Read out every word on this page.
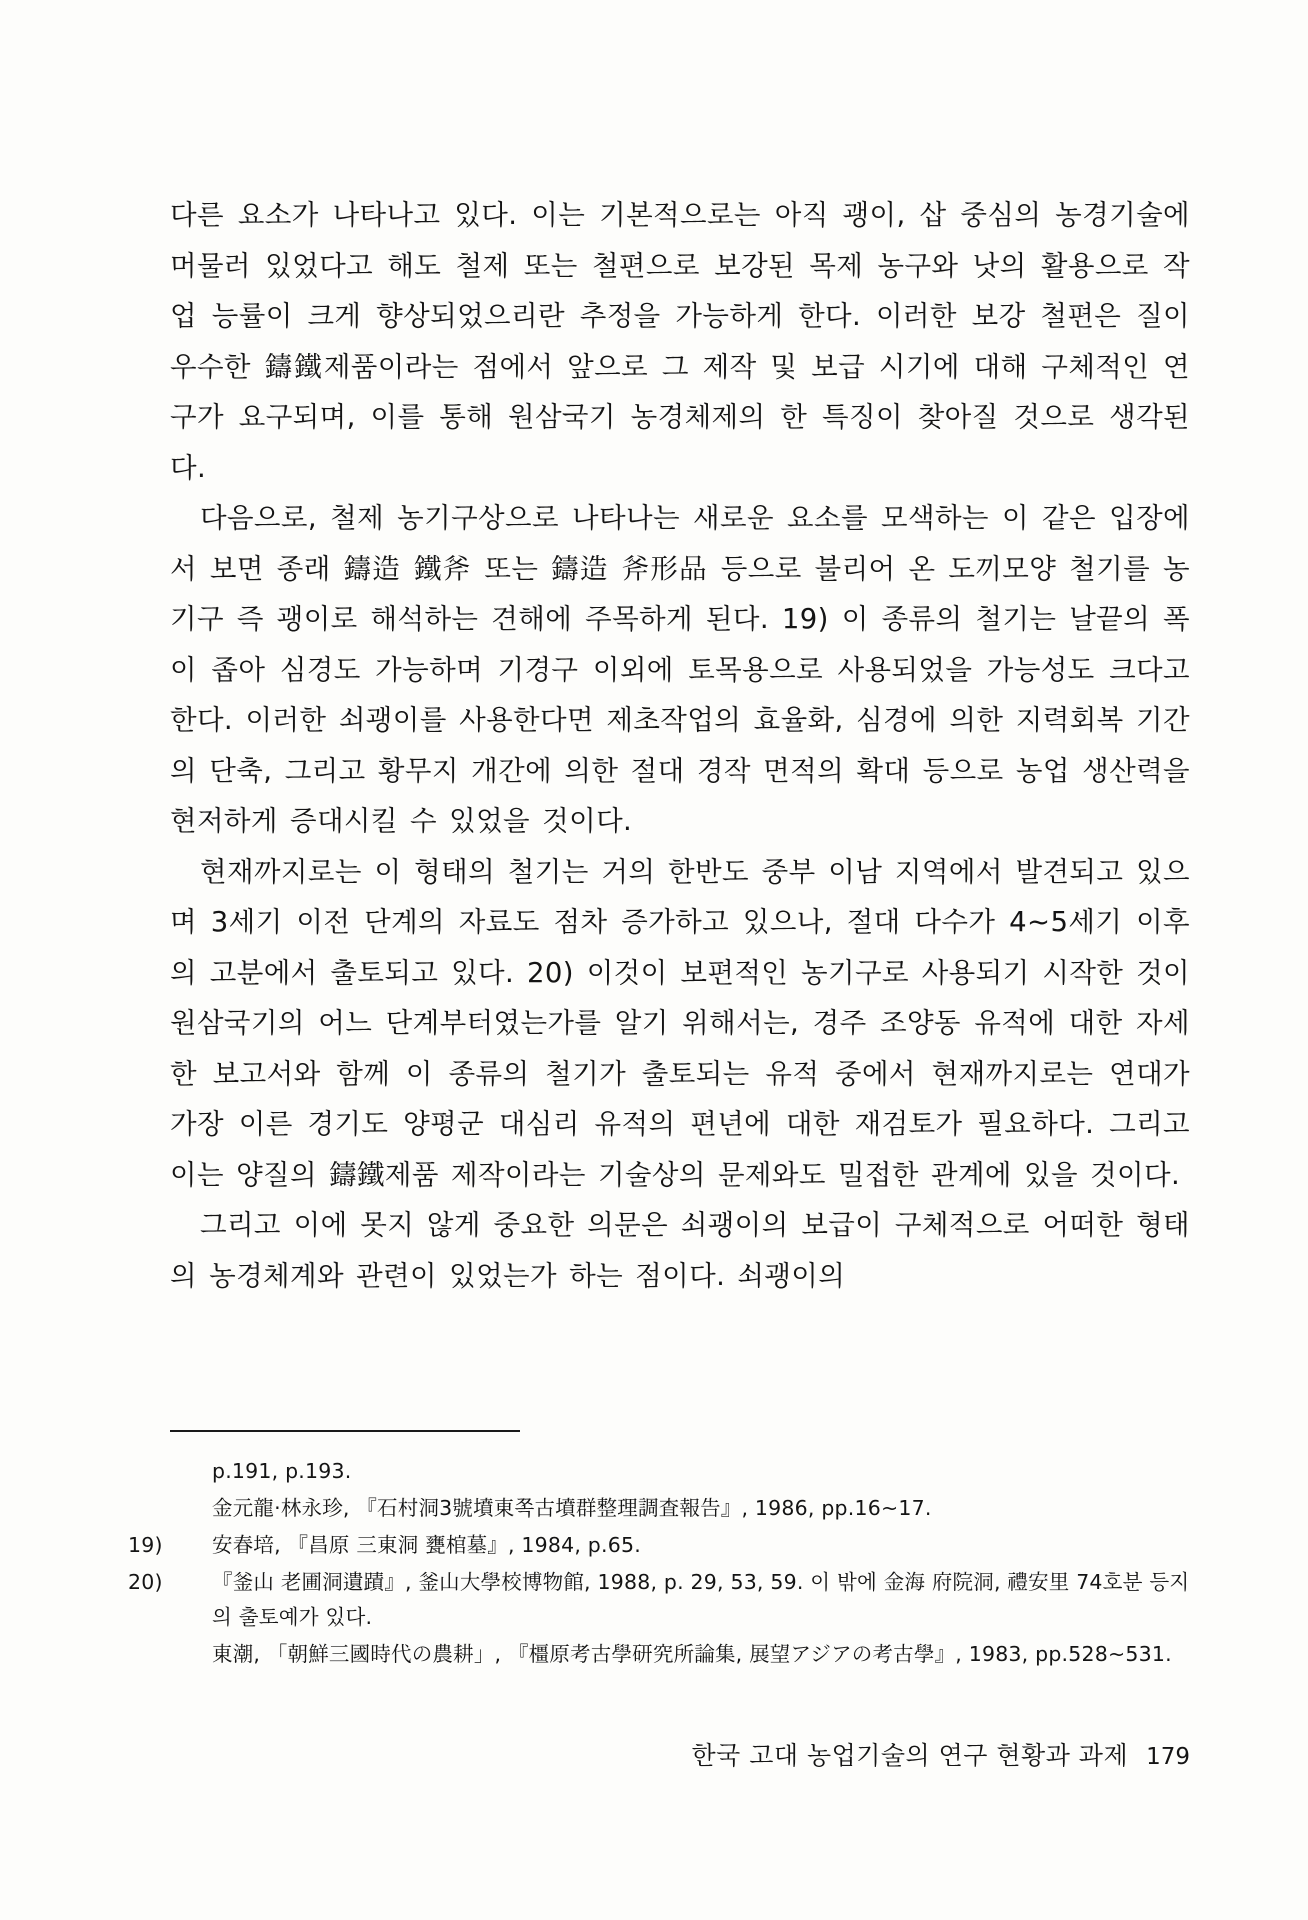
다른 요소가 나타나고 있다. 이는 기본적으로는 아직 괭이, 삽 중심의 농경기술에 머물러 있었다고 해도 철제 또는 철편으로 보강된 목제 농구와 낫의 활용으로 작업 능률이 크게 향상되었으리란 추정을 가능하게 한다. 이러한 보강 철편은 질이 우수한 鑄鐵제품이라는 점에서 앞으로 그 제작 및 보급 시기에 대해 구체적인 연구가 요구되며, 이를 통해 원삼국기 농경체제의 한 특징이 찾아질 것으로 생각된다.

다음으로, 철제 농기구상으로 나타나는 새로운 요소를 모색하는 이 같은 입장에서 보면 종래 鑄造 鐵斧 또는 鑄造 斧形品 등으로 불리어 온 도끼모양 철기를 농기구 즉 괭이로 해석하는 견해에 주목하게 된다. 19) 이 종류의 철기는 날끝의 폭이 좁아 심경도 가능하며 기경구 이외에 토목용으로 사용되었을 가능성도 크다고 한다. 이러한 쇠괭이를 사용한다면 제초작업의 효율화, 심경에 의한 지력회복 기간의 단축, 그리고 황무지 개간에 의한 절대 경작 면적의 확대 등으로 농업 생산력을 현저하게 증대시킬 수 있었을 것이다.

현재까지로는 이 형태의 철기는 거의 한반도 중부 이남 지역에서 발견되고 있으며 3세기 이전 단계의 자료도 점차 증가하고 있으나, 절대 다수가 4~5세기 이후의 고분에서 출토되고 있다. 20) 이것이 보편적인 농기구로 사용되기 시작한 것이 원삼국기의 어느 단계부터였는가를 알기 위해서는, 경주 조양동 유적에 대한 자세한 보고서와 함께 이 종류의 철기가 출토되는 유적 중에서 현재까지로는 연대가 가장 이른 경기도 양평군 대심리 유적의 편년에 대한 재검토가 필요하다. 그리고 이는 양질의 鑄鐵제품 제작이라는 기술상의 문제와도 밀접한 관계에 있을 것이다.

그리고 이에 못지 않게 중요한 의문은 쇠괭이의 보급이 구체적으로 어떠한 형태의 농경체계와 관련이 있었는가 하는 점이다. 쇠괭이의

p.191, p.193.

金元龍·林永珍, 『石村洞3號墳東쪽古墳群整理調査報告』, 1986, pp.16~17.

19) 安春培, 『昌原 三東洞 甕棺墓』, 1984, p.65.

20) 『釜山 老圃洞遺蹟』, 釜山大學校博物館, 1988, p. 29, 53, 59. 이 밖에 金海 府院洞, 禮安里 74호분 등지의 출토예가 있다.

東潮, 「朝鮮三國時代の農耕」, 『橿原考古學研究所論集, 展望アジアの考古學』, 1983, pp.528~531.

한국 고대 농업기술의 연구 현황과 과제 179
